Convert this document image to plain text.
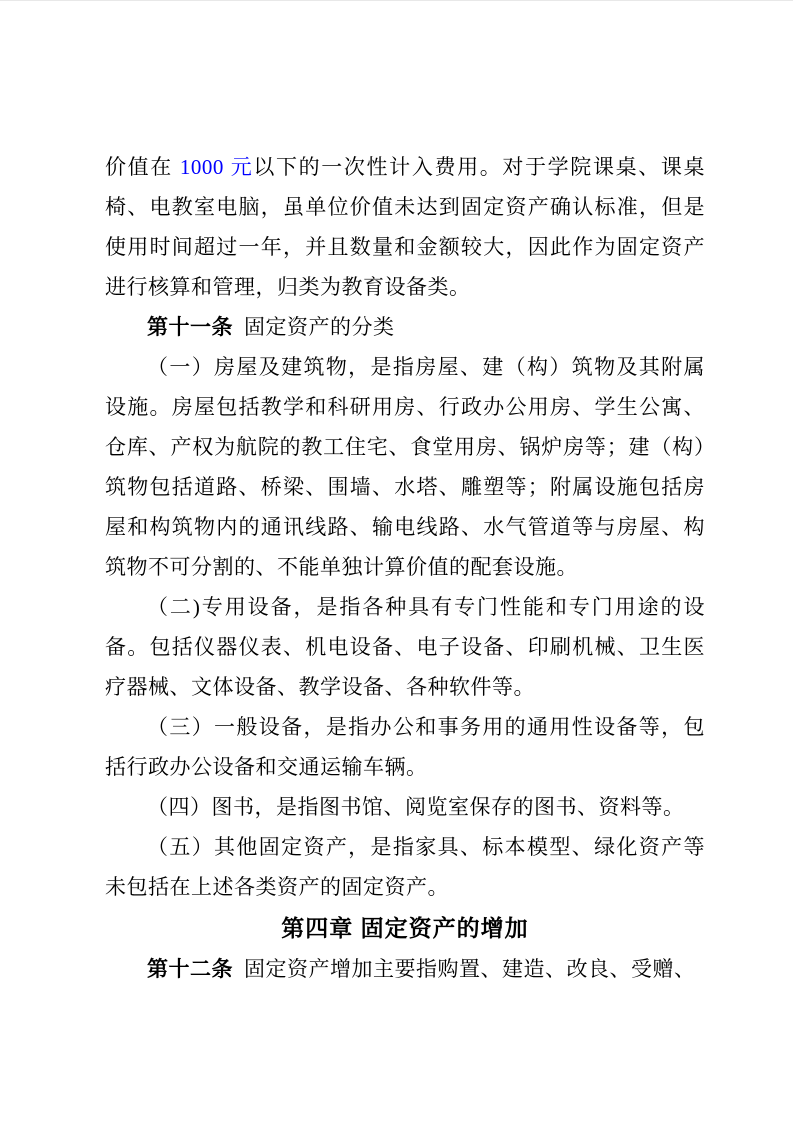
价值在 1000 元以下的一次性计入费用。对于学院课桌、课桌椅、电教室电脑，虽单位价值未达到固定资产确认标准，但是使用时间超过一年，并且数量和金额较大，因此作为固定资产进行核算和管理，归类为教育设备类。

第十一条 固定资产的分类

（一）房屋及建筑物，是指房屋、建（构）筑物及其附属设施。房屋包括教学和科研用房、行政办公用房、学生公寓、仓库、产权为航院的教工住宅、食堂用房、锅炉房等；建（构）筑物包括道路、桥梁、围墙、水塔、雕塑等；附属设施包括房屋和构筑物内的通讯线路、输电线路、水气管道等与房屋、构筑物不可分割的、不能单独计算价值的配套设施。

（二)专用设备，是指各种具有专门性能和专门用途的设备。包括仪器仪表、机电设备、电子设备、印刷机械、卫生医疗器械、文体设备、教学设备、各种软件等。

（三）一般设备，是指办公和事务用的通用性设备等，包括行政办公设备和交通运输车辆。

（四）图书，是指图书馆、阅览室保存的图书、资料等。

（五）其他固定资产，是指家具、标本模型、绿化资产等未包括在上述各类资产的固定资产。

第四章 固定资产的增加

第十二条 固定资产增加主要指购置、建造、改良、受赠、
